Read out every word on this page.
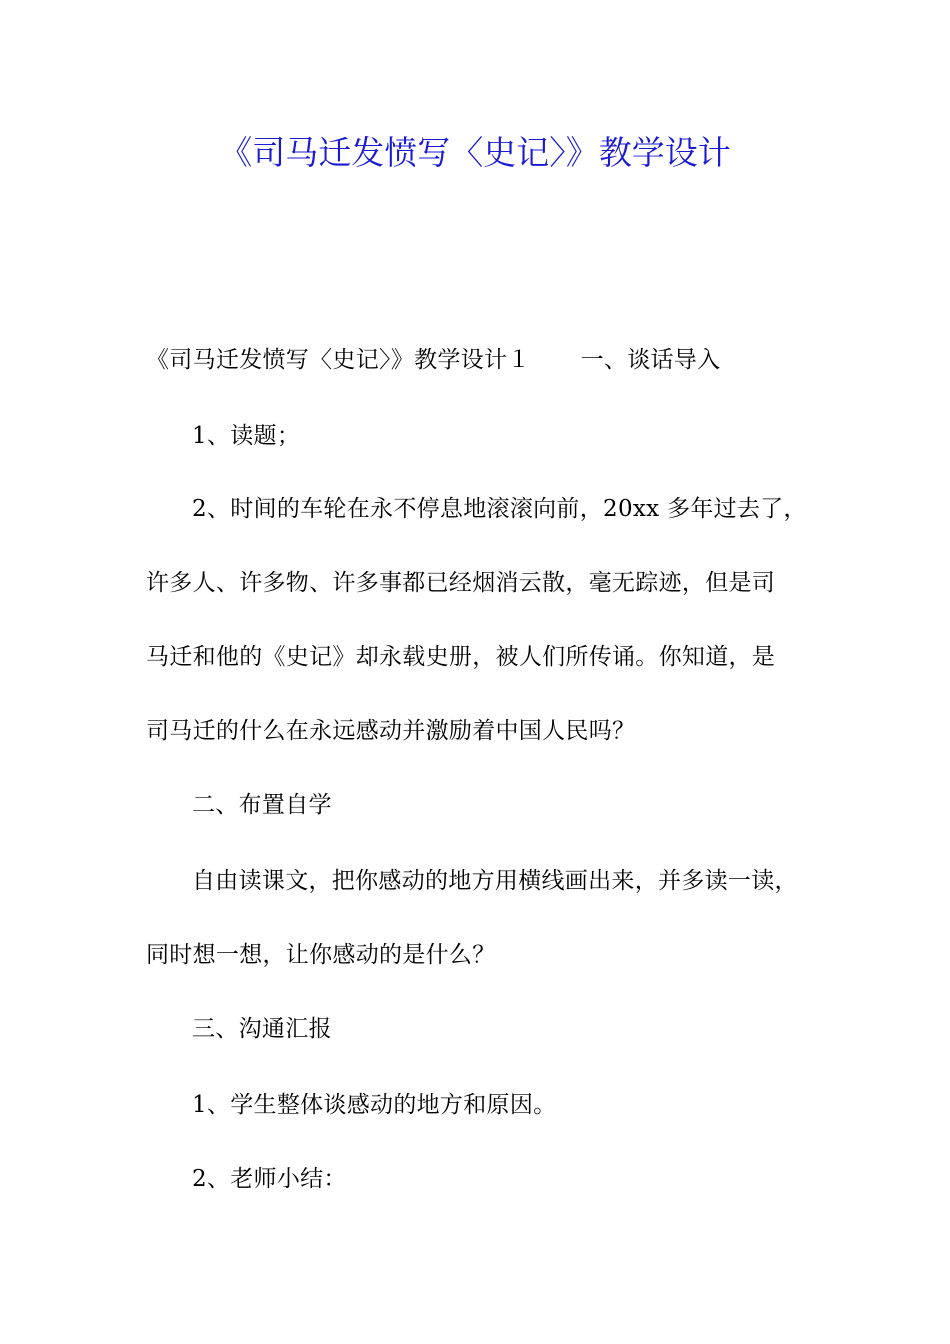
《司马迁发愤写〈史记〉》教学设计
《司马迁发愤写〈史记〉》教学设计１ 一、谈话导入
1、读题；
2、时间的车轮在永不停息地滚滚向前，20xx 多年过去了，
许多人、许多物、许多事都已经烟消云散，毫无踪迹，但是司
马迁和他的《史记》却永载史册，被人们所传诵。你知道，是
司马迁的什么在永远感动并激励着中国人民吗？
二、布置自学
自由读课文，把你感动的地方用横线画出来，并多读一读，
同时想一想，让你感动的是什么？
三、沟通汇报
1、学生整体谈感动的地方和原因。
2、老师小结：
